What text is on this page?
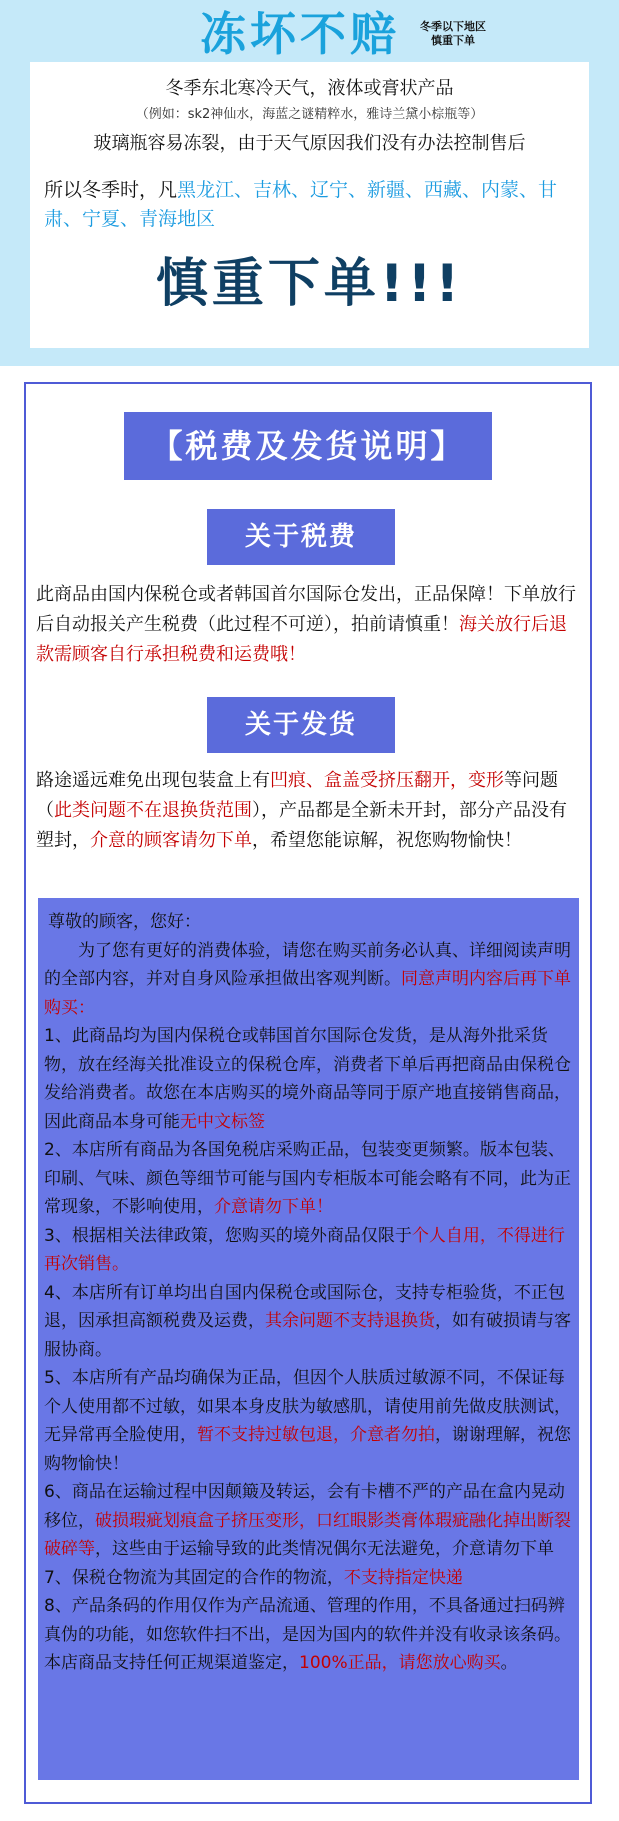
冻坏不赔 冬季以下地区
慎重下单
冬季东北寒冷天气，液体或膏状产品
（例如：sk2神仙水，海蓝之谜精粹水，雅诗兰黛小棕瓶等）
玻璃瓶容易冻裂，由于天气原因我们没有办法控制售后
所以冬季时，凡黑龙江、吉林、辽宁、新疆、西藏、内蒙、甘肃、宁夏、青海地区
慎重下单!!!
【税费及发货说明】
关于税费
此商品由国内保税仓或者韩国首尔国际仓发出，正品保障！下单放行后自动报关产生税费（此过程不可逆），拍前请慎重！海关放行后退款需顾客自行承担税费和运费哦！
关于发货
路途遥远难免出现包装盒上有凹痕、盒盖受挤压翻开，变形等问题（此类问题不在退换货范围），产品都是全新未开封，部分产品没有塑封，介意的顾客请勿下单，希望您能谅解，祝您购物愉快！

尊敬的顾客，您好：

为了您有更好的消费体验，请您在购买前务必认真、详细阅读声明的全部内容，并对自身风险承担做出客观判断。同意声明内容后再下单购买：

1、此商品均为国内保税仓或韩国首尔国际仓发货，是从海外批采货物，放在经海关批准设立的保税仓库，消费者下单后再把商品由保税仓发给消费者。故您在本店购买的境外商品等同于原产地直接销售商品，因此商品本身可能无中文标签

2、本店所有商品为各国免税店采购正品，包装变更频繁。版本包装、印刷、气味、颜色等细节可能与国内专柜版本可能会略有不同，此为正常现象，不影响使用，介意请勿下单！

3、根据相关法律政策，您购买的境外商品仅限于个人自用，不得进行再次销售。

4、本店所有订单均出自国内保税仓或国际仓，支持专柜验货，不正包退，因承担高额税费及运费，其余问题不支持退换货，如有破损请与客服协商。

5、本店所有产品均确保为正品，但因个人肤质过敏源不同，不保证每个人使用都不过敏，如果本身皮肤为敏感肌，请使用前先做皮肤测试，无异常再全脸使用，暂不支持过敏包退，介意者勿拍，谢谢理解，祝您购物愉快！

6、商品在运输过程中因颠簸及转运，会有卡槽不严的产品在盒内晃动移位，破损瑕疵划痕盒子挤压变形，口红眼影类膏体瑕疵融化掉出断裂破碎等，这些由于运输导致的此类情况偶尔无法避免，介意请勿下单

7、保税仓物流为其固定的合作的物流，不支持指定快递

8、产品条码的作用仅作为产品流通、管理的作用，不具备通过扫码辨真伪的功能，如您软件扫不出，是因为国内的软件并没有收录该条码。本店商品支持任何正规渠道鉴定，100%正品，请您放心购买。
